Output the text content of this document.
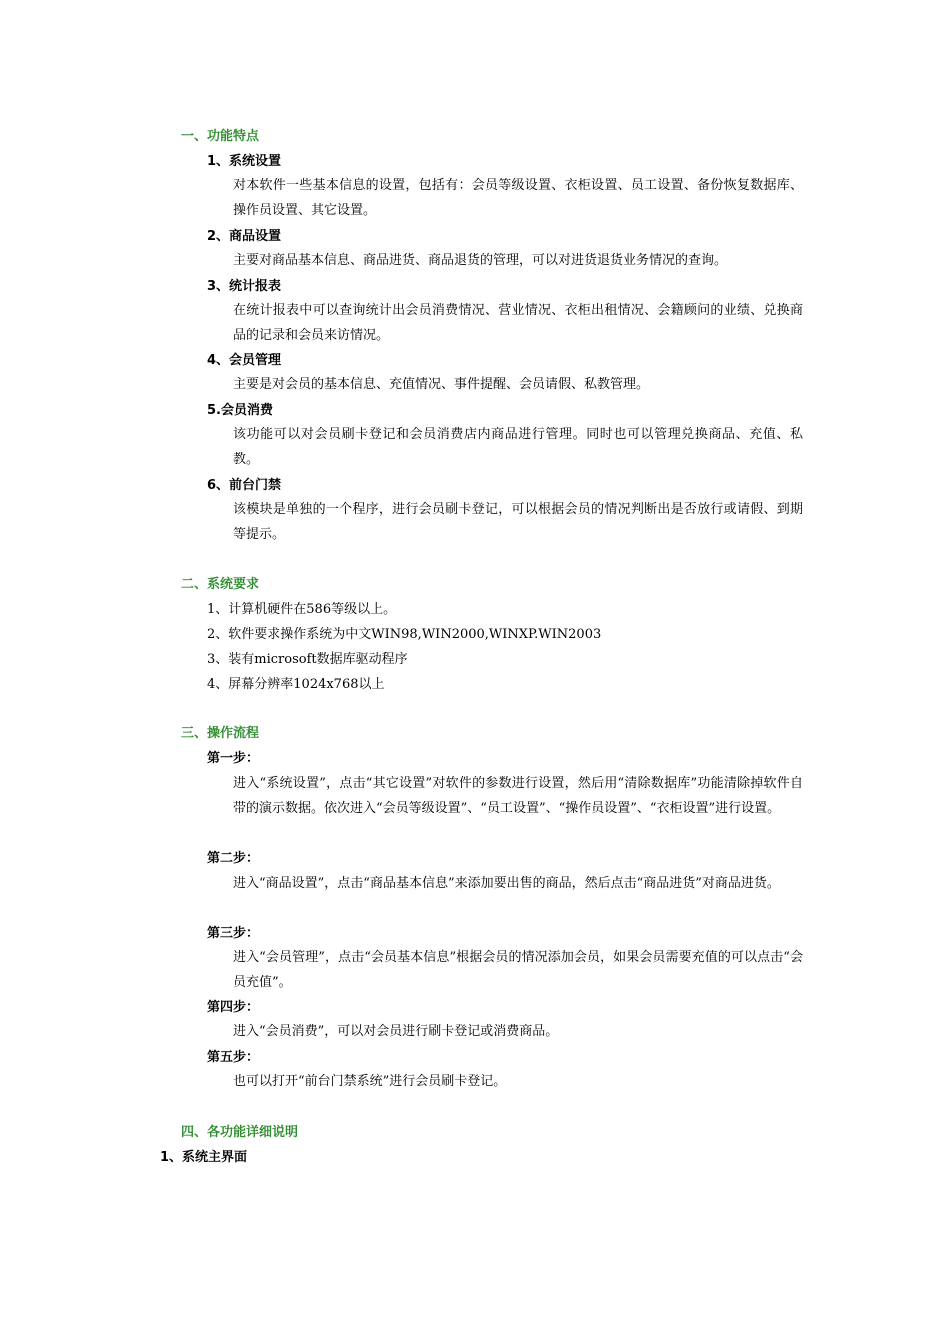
一、功能特点
1、系统设置
对本软件一些基本信息的设置，包括有：会员等级设置、衣柜设置、员工设置、备份恢复数据库、操作员设置、其它设置。
2、商品设置
主要对商品基本信息、商品进货、商品退货的管理，可以对进货退货业务情况的查询。
3、统计报表
在统计报表中可以查询统计出会员消费情况、营业情况、衣柜出租情况、会籍顾问的业绩、兑换商品的记录和会员来访情况。
4、会员管理
主要是对会员的基本信息、充值情况、事件提醒、会员请假、私教管理。
5.会员消费
该功能可以对会员刷卡登记和会员消费店内商品进行管理。同时也可以管理兑换商品、充值、私教。
6、前台门禁
该模块是单独的一个程序，进行会员刷卡登记，可以根据会员的情况判断出是否放行或请假、到期等提示。
二、系统要求
1、计算机硬件在586等级以上。
2、软件要求操作系统为中文WIN98,WIN2000,WINXP.WIN2003
3、装有microsoft数据库驱动程序
4、屏幕分辨率1024x768以上
三、操作流程
第一步：
进入“系统设置”，点击“其它设置”对软件的参数进行设置，然后用“清除数据库”功能清除掉软件自带的演示数据。依次进入“会员等级设置”、“员工设置”、“操作员设置”、“衣柜设置”进行设置。
第二步：
进入“商品设置”，点击“商品基本信息”来添加要出售的商品，然后点击“商品进货”对商品进货。
第三步：
进入“会员管理”，点击“会员基本信息”根据会员的情况添加会员，如果会员需要充值的可以点击“会员充值”。
第四步：
进入“会员消费”，可以对会员进行刷卡登记或消费商品。
第五步：
也可以打开“前台门禁系统”进行会员刷卡登记。
四、各功能详细说明
1、系统主界面
